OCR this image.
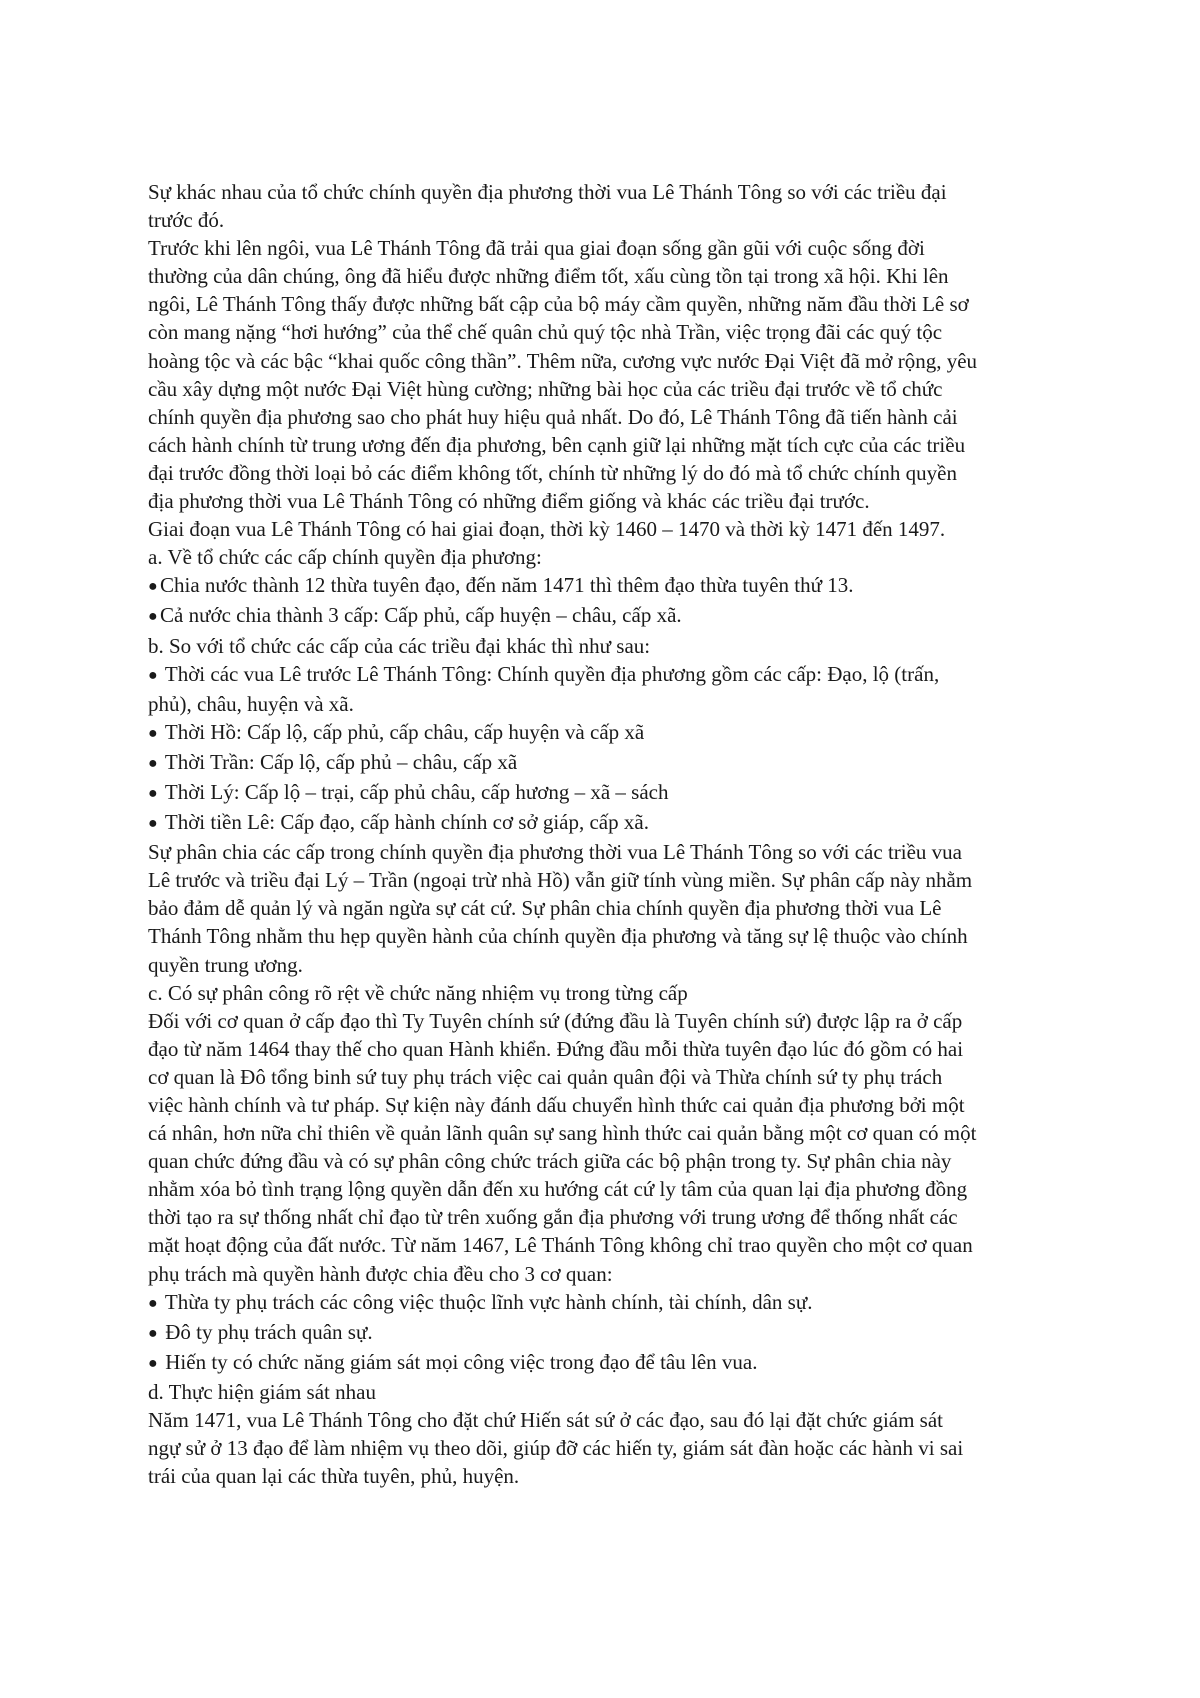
Sự khác nhau của tổ chức chính quyền địa phương thời vua Lê Thánh Tông so với các triều đại trước đó.

Trước khi lên ngôi, vua Lê Thánh Tông đã trải qua giai đoạn sống gần gũi với cuộc sống đời thường của dân chúng, ông đã hiểu được những điểm tốt, xấu cùng tồn tại trong xã hội. Khi lên ngôi, Lê Thánh Tông thấy được những bất cập của bộ máy cầm quyền, những năm đầu thời Lê sơ còn mang nặng “hơi hướng” của thể chế quân chủ quý tộc nhà Trần, việc trọng đãi các quý tộc hoàng tộc và các bậc “khai quốc công thần”. Thêm nữa, cương vực nước Đại Việt đã mở rộng, yêu cầu xây dựng một nước Đại Việt hùng cường; những bài học của các triều đại trước về tổ chức chính quyền địa phương sao cho phát huy hiệu quả nhất. Do đó, Lê Thánh Tông đã tiến hành cải cách hành chính từ trung ương đến địa phương, bên cạnh giữ lại những mặt tích cực của các triều đại trước đồng thời loại bỏ các điểm không tốt, chính từ những lý do đó mà tổ chức chính quyền địa phương thời vua Lê Thánh Tông có những điểm giống và khác các triều đại trước.

Giai đoạn vua Lê Thánh Tông có hai giai đoạn, thời kỳ 1460 – 1470 và thời kỳ 1471 đến 1497.

a. Về tổ chức các cấp chính quyền địa phương:

● Chia nước thành 12 thừa tuyên đạo, đến năm 1471 thì thêm đạo thừa tuyên thứ 13.

● Cả nước chia thành 3 cấp: Cấp phủ, cấp huyện – châu, cấp xã.

b. So với tổ chức các cấp của các triều đại khác thì như sau:

● Thời các vua Lê trước Lê Thánh Tông: Chính quyền địa phương gồm các cấp: Đạo, lộ (trấn, phủ), châu, huyện và xã.

● Thời Hồ: Cấp lộ, cấp phủ, cấp châu, cấp huyện và cấp xã

● Thời Trần: Cấp lộ, cấp phủ – châu, cấp xã

● Thời Lý: Cấp lộ – trại, cấp phủ châu, cấp hương – xã – sách

● Thời tiền Lê: Cấp đạo, cấp hành chính cơ sở giáp, cấp xã.

Sự phân chia các cấp trong chính quyền địa phương thời vua Lê Thánh Tông so với các triều vua Lê trước và triều đại Lý – Trần (ngoại trừ nhà Hồ) vẫn giữ tính vùng miền. Sự phân cấp này nhằm bảo đảm dễ quản lý và ngăn ngừa sự cát cứ. Sự phân chia chính quyền địa phương thời vua Lê Thánh Tông nhằm thu hẹp quyền hành của chính quyền địa phương và tăng sự lệ thuộc vào chính quyền trung ương.

c. Có sự phân công rõ rệt về chức năng nhiệm vụ trong từng cấp

Đối với cơ quan ở cấp đạo thì Ty Tuyên chính sứ (đứng đầu là Tuyên chính sứ) được lập ra ở cấp đạo từ năm 1464 thay thế cho quan Hành khiển. Đứng đầu mỗi thừa tuyên đạo lúc đó gồm có hai cơ quan là Đô tổng binh sứ tuy phụ trách việc cai quản quân đội và Thừa chính sứ ty phụ trách việc hành chính và tư pháp. Sự kiện này đánh dấu chuyển hình thức cai quản địa phương bởi một cá nhân, hơn nữa chỉ thiên về quản lãnh quân sự sang hình thức cai quản bằng một cơ quan có một quan chức đứng đầu và có sự phân công chức trách giữa các bộ phận trong ty. Sự phân chia này nhằm xóa bỏ tình trạng lộng quyền dẫn đến xu hướng cát cứ ly tâm của quan lại địa phương đồng thời tạo ra sự thống nhất chỉ đạo từ trên xuống gắn địa phương với trung ương để thống nhất các mặt hoạt động của đất nước. Từ năm 1467, Lê Thánh Tông không chỉ trao quyền cho một cơ quan phụ trách mà quyền hành được chia đều cho 3 cơ quan:

● Thừa ty phụ trách các công việc thuộc lĩnh vực hành chính, tài chính, dân sự.

● Đô ty phụ trách quân sự.

● Hiến ty có chức năng giám sát mọi công việc trong đạo để tâu lên vua.

d. Thực hiện giám sát nhau

Năm 1471, vua Lê Thánh Tông cho đặt chứ Hiến sát sứ ở các đạo, sau đó lại đặt chức giám sát ngự sử ở 13 đạo để làm nhiệm vụ theo dõi, giúp đỡ các hiến ty, giám sát đàn hoặc các hành vi sai trái của quan lại các thừa tuyên, phủ, huyện.
